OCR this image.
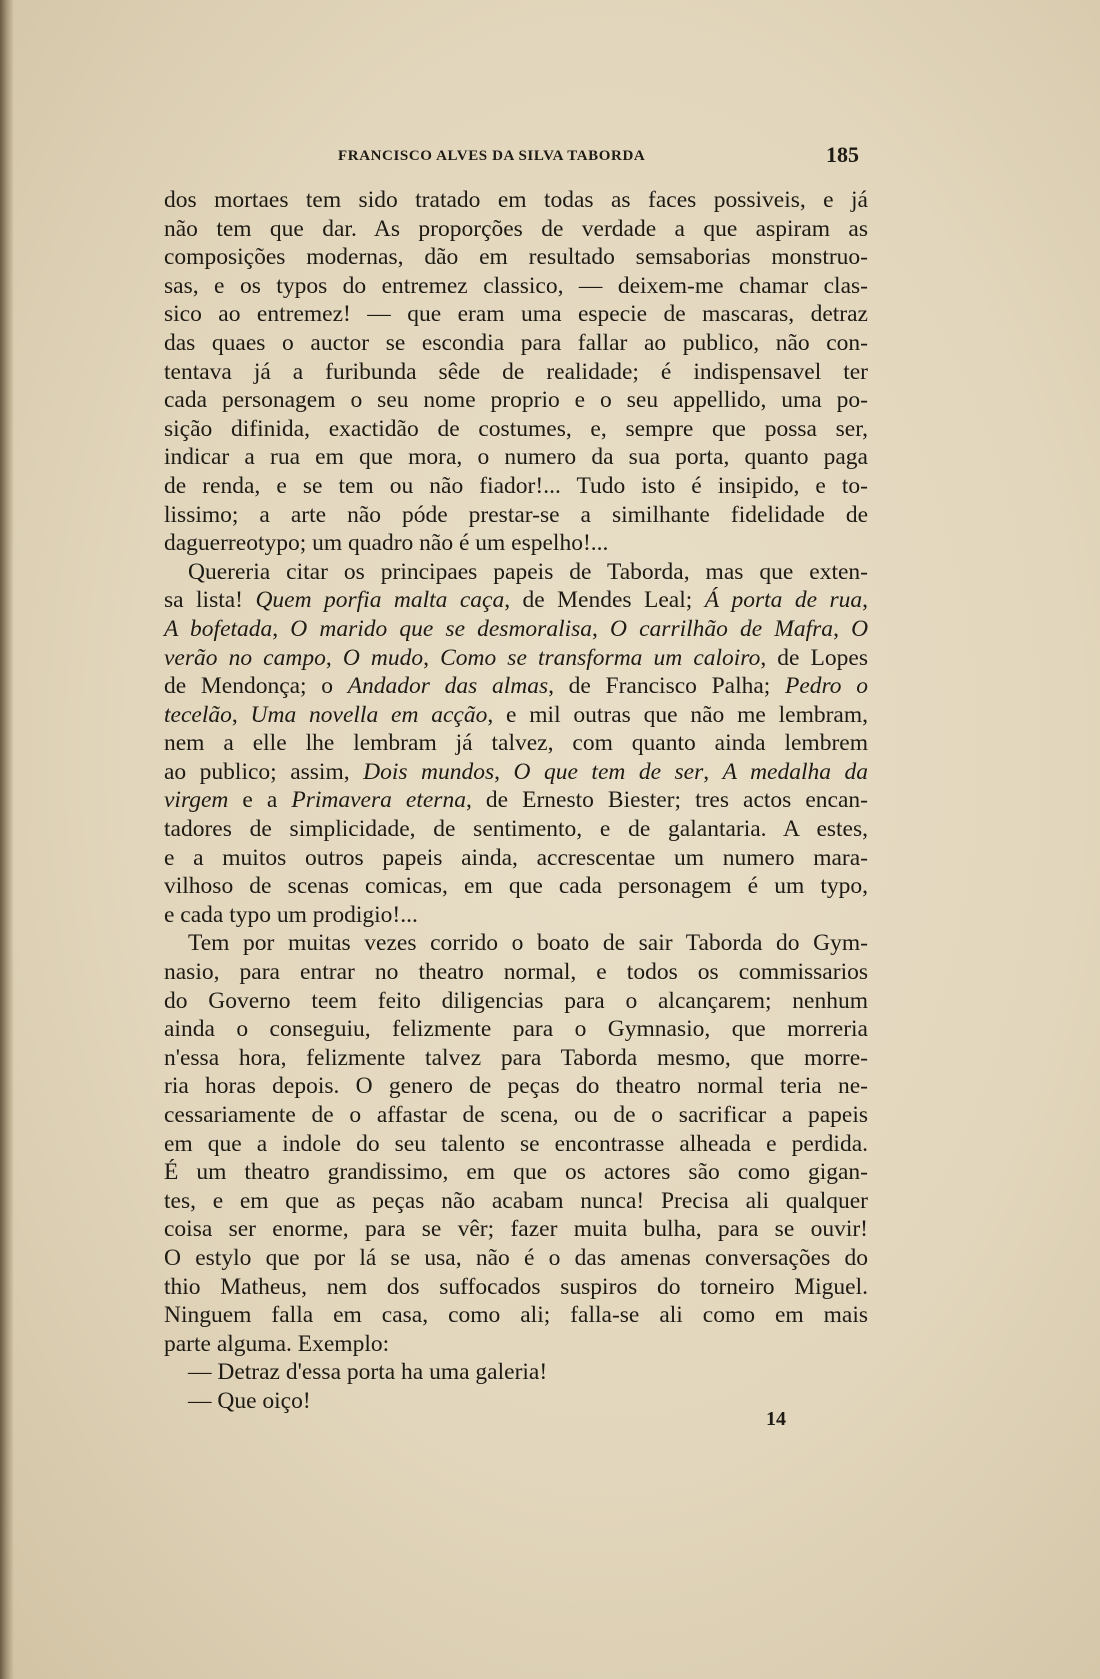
FRANCISCO ALVES DA SILVA TABORDA	185
dos mortaes tem sido tratado em todas as faces possiveis, e já
não tem que dar. As proporções de verdade a que aspiram as
composições modernas, dão em resultado semsaborias monstruo-
sas, e os typos do entremez classico, — deixem-me chamar clas-
sico ao entremez! — que eram uma especie de mascaras, detraz
das quaes o auctor se escondia para fallar ao publico, não con-
tentava já a furibunda sêde de realidade; é indispensavel ter
cada personagem o seu nome proprio e o seu appellido, uma po-
sição difinida, exactidão de costumes, e, sempre que possa ser,
indicar a rua em que mora, o numero da sua porta, quanto paga
de renda, e se tem ou não fiador!... Tudo isto é insipido, e to-
lissimo; a arte não póde prestar-se a similhante fidelidade de
daguerreotypo; um quadro não é um espelho!...
Quereria citar os principaes papeis de Taborda, mas que exten-
sa lista! Quem porfia malta caça, de Mendes Leal; Á porta de rua,
A bofetada, O marido que se desmoralisa, O carrilhão de Mafra, O
verão no campo, O mudo, Como se transforma um caloiro, de Lopes
de Mendonça; o Andador das almas, de Francisco Palha; Pedro o
tecelão, Uma novella em acção, e mil outras que não me lembram,
nem a elle lhe lembram já talvez, com quanto ainda lembrem
ao publico; assim, Dois mundos, O que tem de ser, A medalha da
virgem e a Primavera eterna, de Ernesto Biester; tres actos encan-
tadores de simplicidade, de sentimento, e de galantaria. A estes,
e a muitos outros papeis ainda, accrescentae um numero mara-
vilhoso de scenas comicas, em que cada personagem é um typo,
e cada typo um prodigio!...
Tem por muitas vezes corrido o boato de sair Taborda do Gym-
nasio, para entrar no theatro normal, e todos os commissarios
do Governo teem feito diligencias para o alcançarem; nenhum
ainda o conseguiu, felizmente para o Gymnasio, que morreria
n'essa hora, felizmente talvez para Taborda mesmo, que morre-
ria horas depois. O genero de peças do theatro normal teria ne-
cessariamente de o affastar de scena, ou de o sacrificar a papeis
em que a indole do seu talento se encontrasse alheada e perdida.
É um theatro grandissimo, em que os actores são como gigan-
tes, e em que as peças não acabam nunca! Precisa ali qualquer
coisa ser enorme, para se vêr; fazer muita bulha, para se ouvir!
O estylo que por lá se usa, não é o das amenas conversações do
thio Matheus, nem dos suffocados suspiros do torneiro Miguel.
Ninguem falla em casa, como ali; falla-se ali como em mais
parte alguma. Exemplo:
— Detraz d'essa porta ha uma galeria!
— Que oiço!
14
